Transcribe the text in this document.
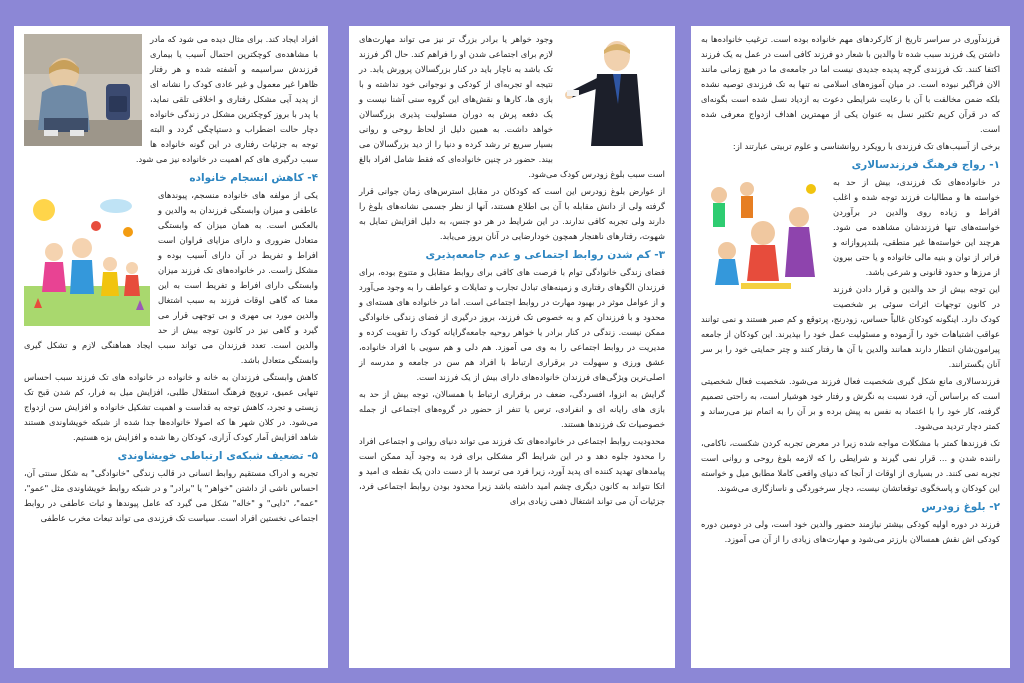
افراد ایجاد کند. برای مثال دیده می شود که مادر با مشاهده‌ی کوچکترین احتمال آسیب یا بیماری فرزندش سراسیمه و آشفته شده و هر رفتار ظاهرا غیر معمول و غیر عادی کودک را نشانه ای از پدید آیی مشکل رفتاری و اخلاقی تلقی نماید، یا پدر با بروز کوچکترین مشکل در زندگی خانواده دچار حالت اضطراب و دستپاچگی گردد و البته توجه به جزئیات رفتاری در این گونه خانواده ها سبب درگیری های کم اهمیت در خانواده نیز می شود.

۴- کاهش انسجام خانواده

یکی از مولفه های خانواده منسجم، پیوندهای عاطفی و میزان وابستگی فرزندان به والدین و بالعکس است. به همان میزان که وابستگی متعادل ضروری و دارای مزایای فراوان است افراط و تفریط در آن دارای آسیب بوده و مشکل زاست. در خانواده‌های تک فرزند میزان وابستگی دارای افراط و تفریط است به این معنا که گاهی اوقات فرزند به سبب اشتغال والدین مورد بی مهری و بی توجهی قرار می گیرد و گاهی نیز در کانون توجه بیش از حد والدین است. تعدد فرزندان می تواند سبب ایجاد هماهنگی لازم و تشکل گیری وابستگی متعادل باشد.

کاهش وابستگی فرزندان به خانه و خانواده در خانواده های تک فرزند سبب احساس تنهایی عمیق، ترویج فرهنگ استقلال طلبی، افزایش میل به فرار، کم شدن قبح تک زیستی و تجرد، کاهش توجه به قداست و اهمیت تشکیل خانواده و افزایش سن ازدواج می‌شود. در کلان شهر ها که اصولا خانواده‌ها جدا شده از شبکه خویشاوندی هستند شاهد افزایش آمار کودک آزاری، کودکان رها شده و افزایش بزه هستیم.

۵- تضعیف شبکه‌ی ارتباطی خویشاوندی

تجربه و ادراک مستقیم روابط انسانی در قالب زندگی "خانوادگی" به شکل سنتی آن، احساس ناشی از داشتن "خواهر" یا "برادر" و در شبکه روابط خویشاوندی مثل "عمو"، "عمه"، "دایی" و "خاله" شکل می گیرد که عامل پیوندها و ثبات عاطفی در روابط اجتماعی نخستین افراد است. سیاست تک فرزندی می تواند تبعات مخرب عاطفی

وجود خواهر یا برادر بزرگ تر نیز می تواند مهارت‌های لازم برای اجتماعی شدن او را فراهم کند. حال اگر فرزند تک باشد به ناچار باید در کنار بزرگسالان پرورش یابد. در نتیجه او تجربه‌ای از کودکی و نوجوانی خود نداشته و با بازی ها، کارها و نقش‌های این گروه سنی آشنا نیست و یک دفعه پرش به دوران مسئولیت پذیری بزرگسالان خواهد داشت. به همین دلیل از لحاظ روحی و روانی بسیار سریع تر رشد کرده و دنیا را از دید بزرگسالان می بیند. حضور در چنین خانواده‌ای که فقط شامل افراد بالغ است سبب بلوغ زودرس کودک می‌شود.

از عوارض بلوغ زودرس این است که کودکان در مقابل استرس‌های زمان جوانی قرار گرفته ولی از دانش مقابله با آن بی اطلاع هستند، آنها از نظر جسمی نشانه‌های بلوغ را دارند ولی تجربه کافی ندارند. در این شرایط در هر دو جنس، به دلیل افزایش تمایل به شهوت، رفتارهای ناهنجار همچون خودارضایی در آنان بروز می‌یابد.

۳- کم شدن روابط اجتماعی و عدم جامعه‌پذیری

فضای زندگی خانوادگی توام با فرصت های کافی برای روابط متقابل و متنوع بوده، برای فرزندان الگوهای رفتاری و زمینه‌های تبادل تجارب و تمایلات و عواطف را به وجود می‌آورد و از عوامل موثر در بهبود مهارت در روابط اجتماعی است. اما در خانواده های هسته‌ای و محدود و با فرزندان کم و به خصوص تک فرزند، بروز درگیری از فضای زندگی خانوادگی ممکن نیست. زندگی در کنار برادر یا خواهر روحیه جامعه‌گرایانه کودک را تقویت کرده و مدیریت در روابط اجتماعی را به وی می آموزد. هم دلی و هم سویی با افراد خانواده، عشق ورزی و سهولت در برقراری ارتباط با افراد هم سن در جامعه و مدرسه از اصلی‌ترین ویژگی‌های فرزندان خانواده‌های دارای بیش از یک فرزند است.

گرایش به انزوا، افسردگی، ضعف در برقراری ارتباط با همسالان، توجه بیش از حد به بازی های رایانه ای و انفرادی، ترس یا تنفر از حضور در گروه‌های اجتماعی از جمله خصوصیات تک فرزندها هستند.

محدودیت روابط اجتماعی در خانواده‌های تک فرزند می تواند دنیای روانی و اجتماعی افراد را محدود جلوه دهد و در این شرایط اگر مشکلی برای فرد به وجود آید ممکن است پیامدهای تهدید کننده ای پدید آورد، زیرا فرد می ترسد با از دست دادن یک نقطه ی امید و اتکا نتواند به کانون دیگری چشم امید داشته باشد زیرا محدود بودن روابط اجتماعی فرد، جزئیات آن می تواند اشتغال ذهنی زیادی برای

فرزندآوری در سراسر تاریخ از کارکردهای مهم خانواده بوده است. ترغیب خانواده‌ها به داشتن یک فرزند سبب شده تا والدین با شعار دو فرزند کافی است در عمل به یک فرزند اکتفا کنند. تک فرزندی گرچه پدیده جدیدی نیست اما در جامعه‌ی ما در هیچ زمانی مانند الان فراگیر نبوده است. در میان آموزه‌های اسلامی نه تنها به تک فرزندی توصیه نشده بلکه ضمن مخالفت با آن با رعایت شرایطی دعوت به ازدیاد نسل شده است بگونه‌ای که در قرآن کریم تکثیر نسل به عنوان یکی از مهمترین اهداف ازدواج معرفی شده است.

برخی از آسیب‌های تک فرزندی با رویکرد روانشناسی و علوم تربیتی عبارتند از:

۱- رواج فرهنگ فرزندسالاری

در خانواده‌های تک فرزندی، بیش از حد به خواسته ها و مطالبات فرزند توجه شده و اغلب افراط و زیاده روی والدین در برآوردن خواسته‌های تنها فرزندشان مشاهده می شود. هرچند این خواسته‌ها غیر منطقی، بلندپروازانه و فراتر از توان و بنیه مالی خانواده و یا حتی بیرون از مرزها و حدود قانونی و شرعی باشد.

این توجه بیش از حد والدین و قرار دادن فرزند در کانون توجهات اثرات سوئی بر شخصیت کودک دارد. اینگونه کودکان غالباً حساس، زودرنج، پرتوقع و کم صبر هستند و نمی توانند عواقب اشتباهات خود را آزموده و مسئولیت عمل خود را بپذیرند. این کودکان از جامعه پیرامون‌شان انتظار دارند همانند والدین با آن ها رفتار کنند و چتر حمایتی خود را بر سر آنان بگسترانند.

فرزندسالاری مانع شکل گیری شخصیت فعال فرزند می‌شود. شخصیت فعال شخصیتی است که براساس آن، فرد نسبت به نگرش و رفتار خود هوشیار است، به راحتی تصمیم گرفته، کار خود را با اعتماد به نفس به پیش برده و بر آن را به اتمام نیز می‌رساند و کمتر دچار تردید می‌شود.

تک فرزندها کمتر با مشکلات مواجه شده زیرا در معرض تجربه کردن شکست، ناکامی، راننده شدن و ... قرار نمی گیرند و شرایطی را که لازمه بلوغ روحی و روانی است تجربه نمی کنند. در بسیاری از اوقات از آنجا که دنیای واقعی کاملا مطابق میل و خواسته این کودکان و پاسخگوی توقعاتشان نیست، دچار سرخوردگی و ناسازگاری می‌شوند.

۲- بلوغ زودرس

فرزند در دوره اولیه کودکی بیشتر نیازمند حضور والدین خود است، ولی در دومین دوره کودکی اش نقش همسالان بارزتر می‌شود و مهارت‌های زیادی را از آن می آموزد.
